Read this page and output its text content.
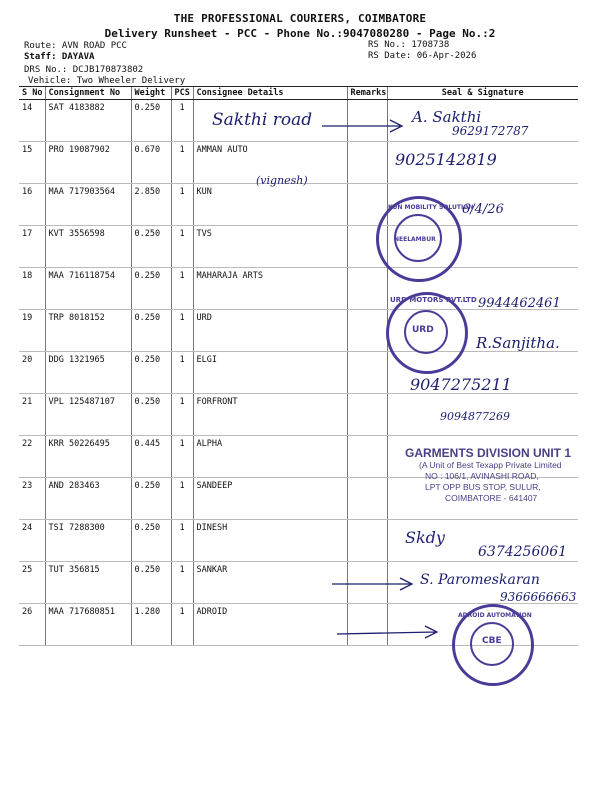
THE PROFESSIONAL COURIERS, COIMBATORE
Delivery Runsheet - PCC - Phone No.:9047080280 - Page No.:2
Route: AVN ROAD PCC
Staff: DAYAVA
DRS No.: DCJB170873802
Vehicle: Two Wheeler Delivery
RS No.: 1708738
RS Date: 06-Apr-2026
S No	Consignment No	Weight	PCS	Consignee Details	Remarks	Seal & Signature
14	SAT 4183882	0.250	1			
15	PRO 19087902	0.670	1	AMMAN AUTO		
16	MAA 717903564	2.850	1	KUN		
17	KVT 3556598	0.250	1	TVS		
18	MAA 716118754	0.250	1	MAHARAJA ARTS		
19	TRP 8018152	0.250	1	URD		
20	DDG 1321965	0.250	1	ELGI		
21	VPL 125487107	0.250	1	FORFRONT		
22	KRR 50226495	0.445	1	ALPHA		
23	AND 283463	0.250	1	SANDEEP		
24	TSI 7288300	0.250	1	DINESH		
25	TUT 356815	0.250	1	SANKAR		
26	MAA 717680851	1.280	1	ADROID		
Sakthi road	A. Sakthi
9629172787
9025142819
(vignesh)
6/4/26
KUN MOBILITY SOLUTION
NEELAMBUR
9944462461
URD MOTORS PVT.LTD
URD
R.Sanjitha.
9047275211
9094877269
GARMENTS DIVISION UNIT 1
(A Unit of Best Texapp Private Limited
NO : 106/1, AVINASHI ROAD,
LPT OPP BUS STOP, SULUR,
COIMBATORE - 641407
Skdy
6374256061
S. Paromeskaran
9366666663
ADROID AUTOMATION
CBE
